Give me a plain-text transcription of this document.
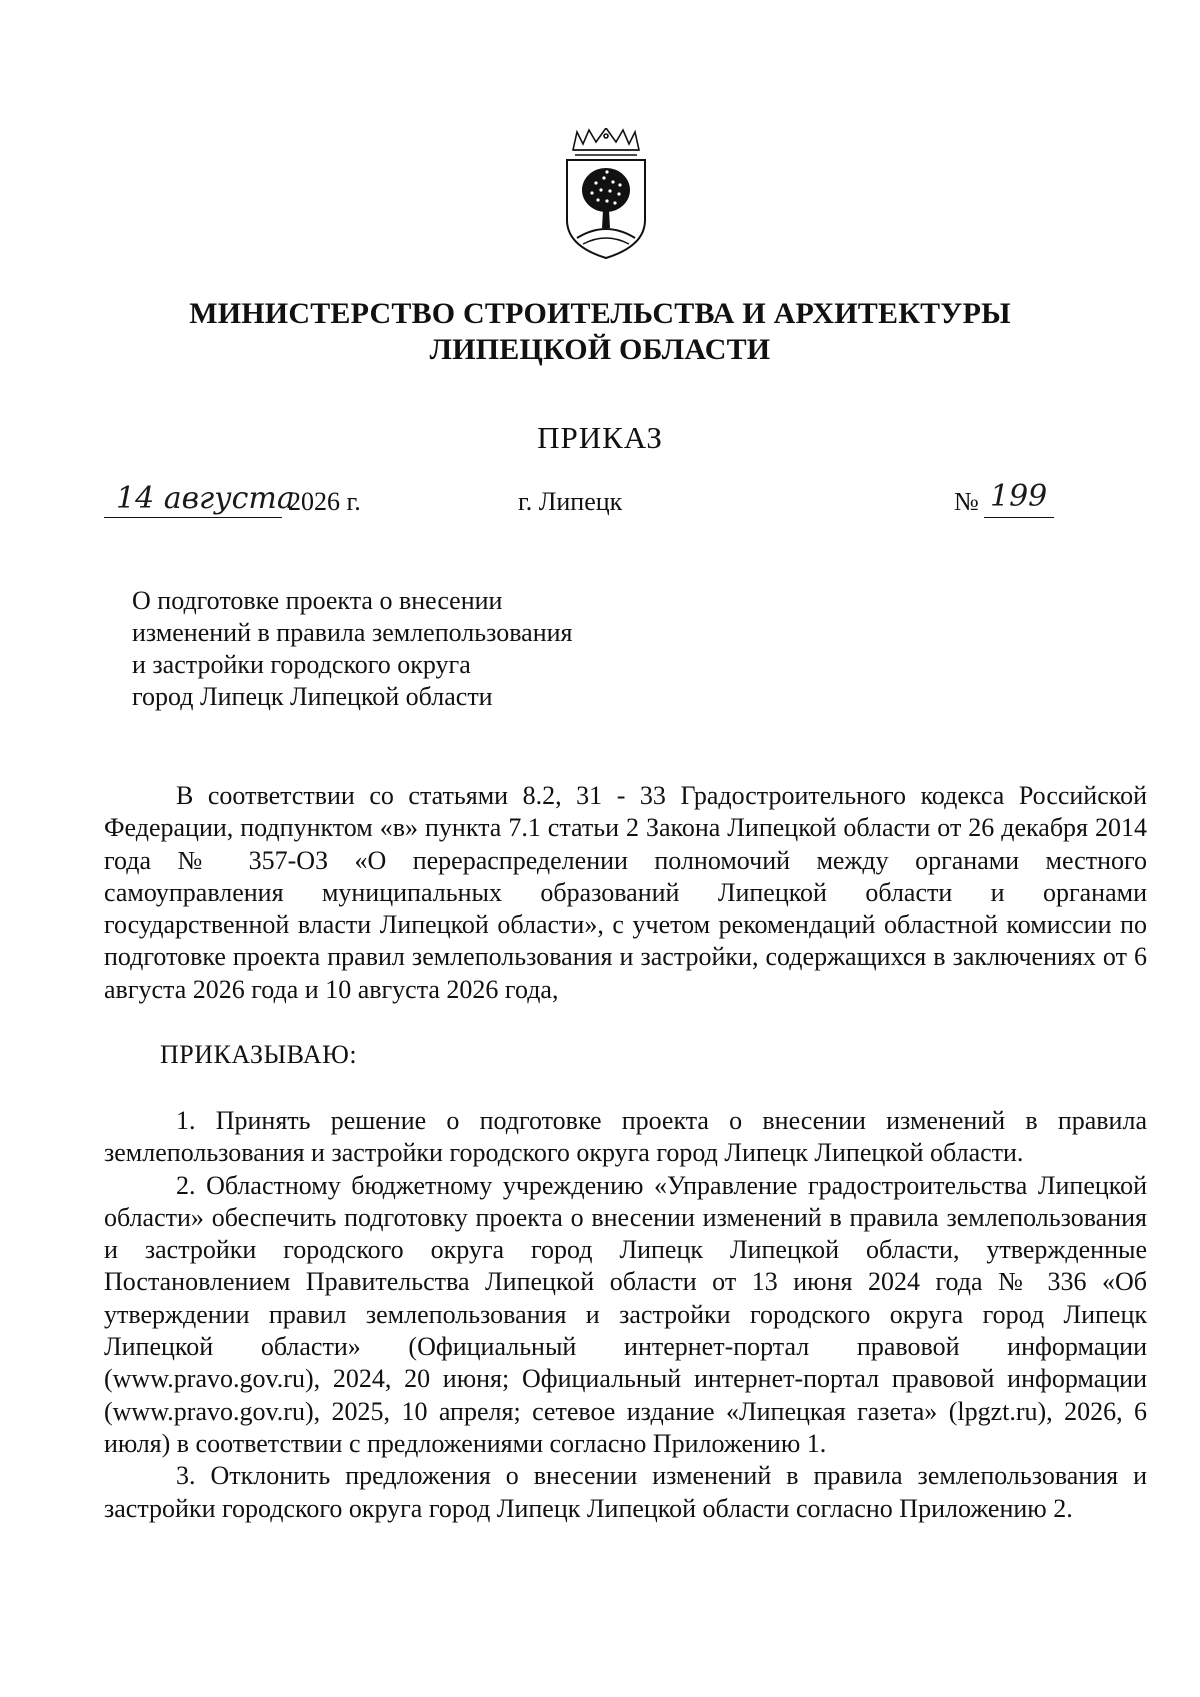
МИНИСТЕРСТВО СТРОИТЕЛЬСТВА И АРХИТЕКТУРЫ
ЛИПЕЦКОЙ ОБЛАСТИ
ПРИКАЗ
14 августа
2026 г.	г. Липецк	№ 199
О подготовке проекта о внесении
изменений в правила землепользования
и застройки городского округа
город Липецк Липецкой области
В соответствии со статьями 8.2, 31 - 33 Градостроительного кодекса Российской Федерации, подпунктом «в» пункта 7.1 статьи 2 Закона Липецкой области от 26 декабря 2014 года № 357-ОЗ «О перераспределении полномочий между органами местного самоуправления муниципальных образований Липецкой области и органами государственной власти Липецкой области», с учетом рекомендаций областной комиссии по подготовке проекта правил землепользования и застройки, содержащихся в заключениях от 6 августа 2026 года и 10 августа 2026 года,
ПРИКАЗЫВАЮ:

1. Принять решение о подготовке проекта о внесении изменений в правила землепользования и застройки городского округа город Липецк Липецкой области.

2. Областному бюджетному учреждению «Управление градостроительства Липецкой области» обеспечить подготовку проекта о внесении изменений в правила землепользования и застройки городского округа город Липецк Липецкой области, утвержденные Постановлением Правительства Липецкой области от 13 июня 2024 года № 336 «Об утверждении правил землепользования и застройки городского округа город Липецк Липецкой области» (Официальный интернет-портал правовой информации (www.pravo.gov.ru), 2024, 20 июня; Официальный интернет-портал правовой информации (www.pravo.gov.ru), 2025, 10 апреля; сетевое издание «Липецкая газета» (lpgzt.ru), 2026, 6 июля) в соответствии с предложениями согласно Приложению 1.

3. Отклонить предложения о внесении изменений в правила землепользования и застройки городского округа город Липецк Липецкой области согласно Приложению 2.
